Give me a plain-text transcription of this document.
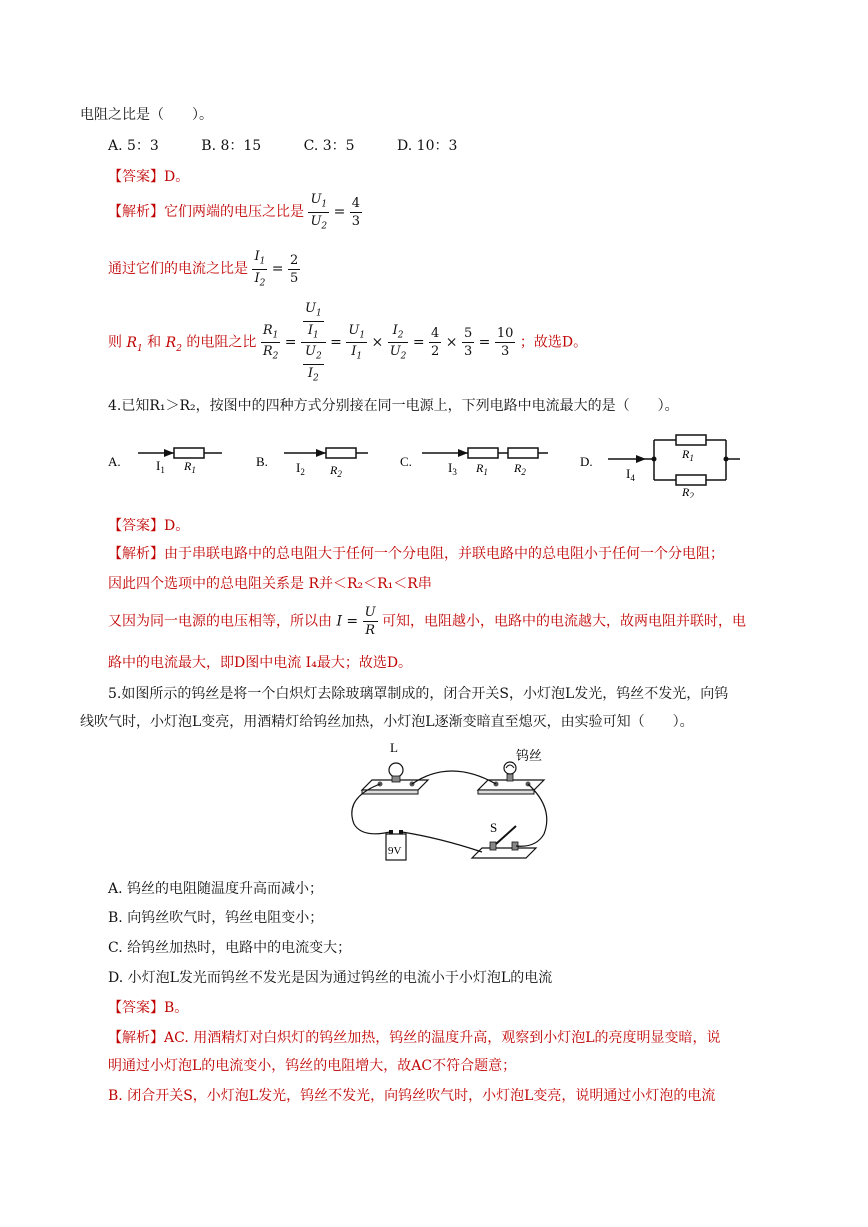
电阻之比是（　　）。
A. 5：3	B. 8：15	C. 3：5	D. 10：3
【答案】D。
【解析】它们两端的电压之比是 $\frac{U_1}{U_2} = \frac{4}{3}$
通过它们的电流之比是 $\frac{I_1}{I_2} = \frac{2}{5}$
则 $R_1$ 和 $R_2$ 的电阻之比 $\frac{R_1}{R_2} = \frac{\frac{U_1}{I_1}}{\frac{U_2}{I_2}} = \frac{U_1}{I_1} \times \frac{I_2}{U_2} = \frac{4}{2} \times \frac{5}{3} = \frac{10}{3}$ ；故选D。
4.已知R₁＞R₂，按图中的四种方式分别接在同一电源上，下列电路中电流最大的是（　　）。
A.	$I_1$ $R_1$
B. $I_2$ $R_2$
C.	$I_3$ $R_1$ $R_2$
D.
$I_4$
$R_1$
$R_2$
【答案】D。
【解析】由于串联电路中的总电阻大于任何一个分电阻，并联电路中的总电阻小于任何一个分电阻；
因此四个选项中的总电阻关系是 R并＜R₂＜R₁＜R串
又因为同一电源的电压相等，所以由 $I = \frac{U}{R}$ 可知，电阻越小，电路中的电流越大，故两电阻并联时，电
路中的电流最大，即D图中电流 I₄最大；故选D。
5.如图所示的钨丝是将一个白炽灯去除玻璃罩制成的，闭合开关S，小灯泡L发光，钨丝不发光，向钨
线吹气时，小灯泡L变亮，用酒精灯给钨丝加热，小灯泡L逐渐变暗直至熄灭，由实验可知（　　）。
L
钨丝
9V
S
A. 钨丝的电阻随温度升高而减小；
B. 向钨丝吹气时，钨丝电阻变小；
C. 给钨丝加热时，电路中的电流变大；
D. 小灯泡L发光而钨丝不发光是因为通过钨丝的电流小于小灯泡L的电流
【答案】B。
【解析】AC. 用酒精灯对白炽灯的钨丝加热，钨丝的温度升高，观察到小灯泡L的亮度明显变暗，说
明通过小灯泡L的电流变小，钨丝的电阻增大，故AC不符合题意；
B. 闭合开关S，小灯泡L发光，钨丝不发光，向钨丝吹气时，小灯泡L变亮，说明通过小灯泡的电流
